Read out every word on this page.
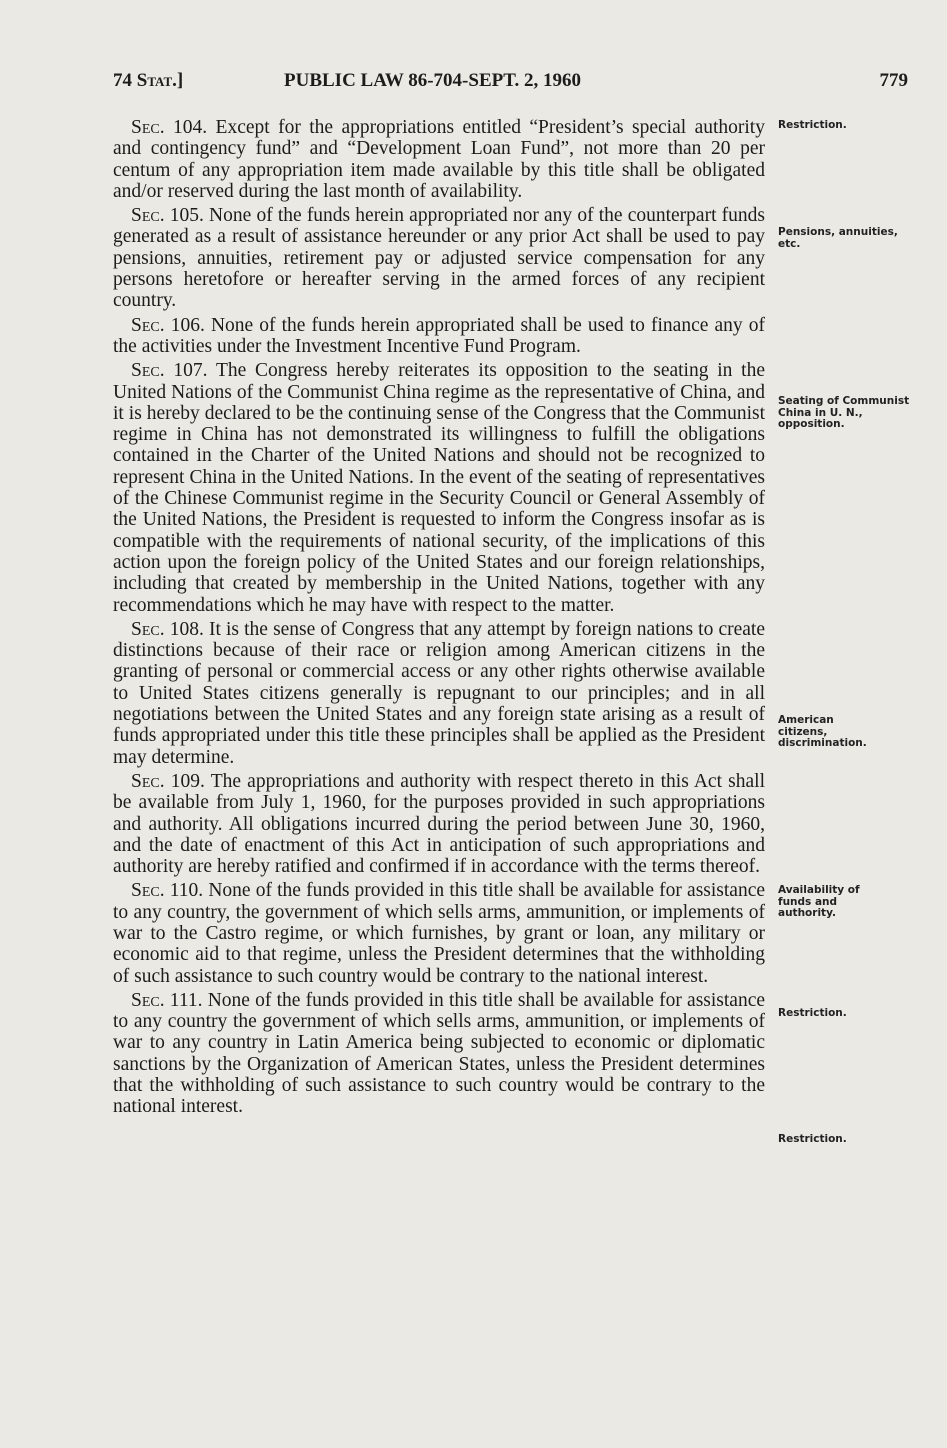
74 Stat.]	PUBLIC LAW 86-704-SEPT. 2, 1960	779

Sec. 104. Except for the appropriations entitled “President’s special authority and contingency fund” and “Development Loan Fund”, not more than 20 per centum of any appropriation item made available by this title shall be obligated and/or reserved during the last month of availability.

Sec. 105. None of the funds herein appropriated nor any of the counterpart funds generated as a result of assistance hereunder or any prior Act shall be used to pay pensions, annuities, retirement pay or adjusted service compensation for any persons heretofore or hereafter serving in the armed forces of any recipient country.

Sec. 106. None of the funds herein appropriated shall be used to finance any of the activities under the Investment Incentive Fund Program.

Sec. 107. The Congress hereby reiterates its opposition to the seating in the United Nations of the Communist China regime as the representative of China, and it is hereby declared to be the continuing sense of the Congress that the Communist regime in China has not demonstrated its willingness to fulfill the obligations contained in the Charter of the United Nations and should not be recognized to represent China in the United Nations. In the event of the seating of representatives of the Chinese Communist regime in the Security Council or General Assembly of the United Nations, the President is requested to inform the Congress insofar as is compatible with the requirements of national security, of the implications of this action upon the foreign policy of the United States and our foreign relationships, including that created by membership in the United Nations, together with any recommendations which he may have with respect to the matter.

Sec. 108. It is the sense of Congress that any attempt by foreign nations to create distinctions because of their race or religion among American citizens in the granting of personal or commercial access or any other rights otherwise available to United States citizens generally is repugnant to our principles; and in all negotiations between the United States and any foreign state arising as a result of funds appropriated under this title these principles shall be applied as the President may determine.

Sec. 109. The appropriations and authority with respect thereto in this Act shall be available from July 1, 1960, for the purposes provided in such appropriations and authority. All obligations incurred during the period between June 30, 1960, and the date of enactment of this Act in anticipation of such appropriations and authority are hereby ratified and confirmed if in accordance with the terms thereof.

Sec. 110. None of the funds provided in this title shall be available for assistance to any country, the government of which sells arms, ammunition, or implements of war to the Castro regime, or which furnishes, by grant or loan, any military or economic aid to that regime, unless the President determines that the withholding of such assistance to such country would be contrary to the national interest.

Sec. 111. None of the funds provided in this title shall be available for assistance to any country the government of which sells arms, ammunition, or implements of war to any country in Latin America being subjected to economic or diplomatic sanctions by the Organization of American States, unless the President determines that the withholding of such assistance to such country would be contrary to the national interest.

Restriction.
Pensions, annuities, etc.
Seating of Communist China in U. N., opposition.
American citizens, discrimination.
Availability of funds and authority.
Restriction.
Restriction.
